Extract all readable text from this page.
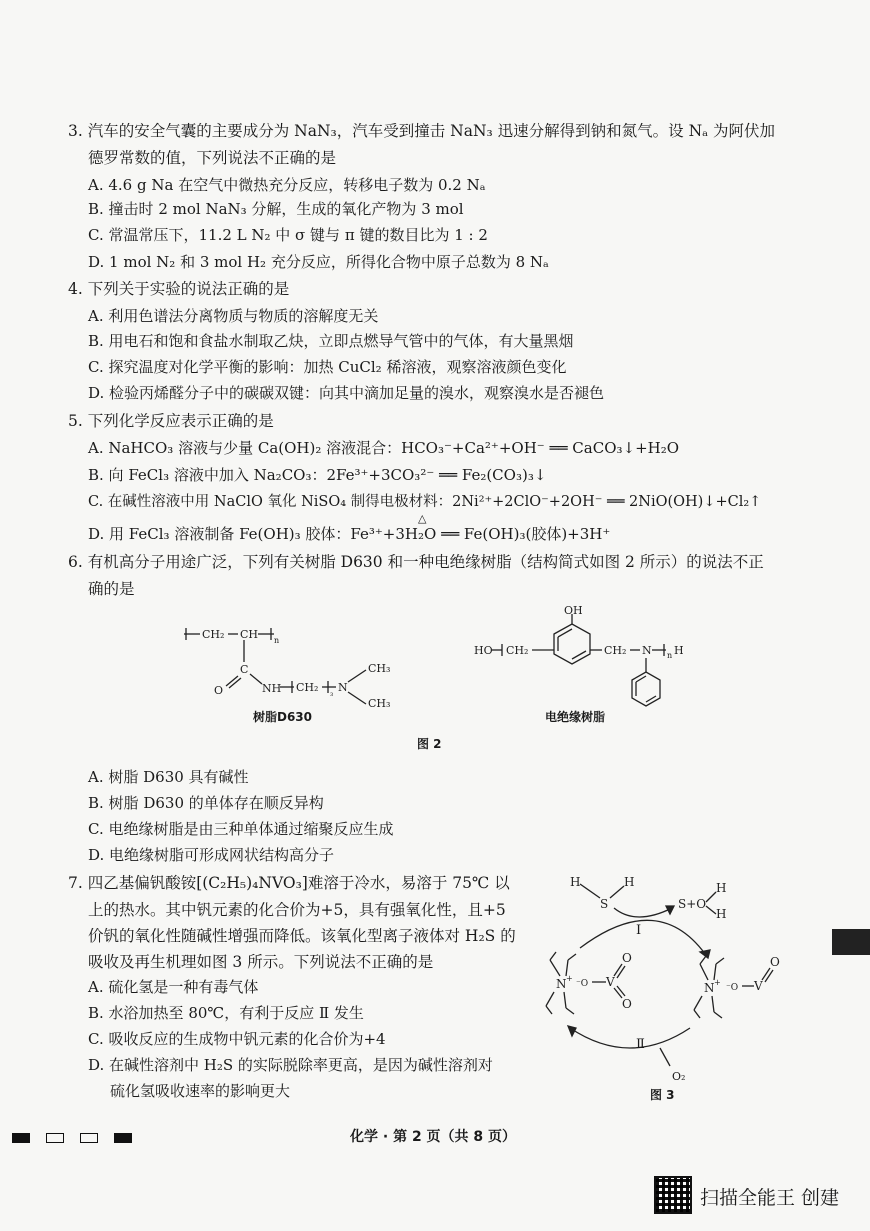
3. 汽车的安全气囊的主要成分为 NaN₃，汽车受到撞击 NaN₃ 迅速分解得到钠和氮气。设 Nₐ 为阿伏加
德罗常数的值，下列说法不正确的是
A. 4.6 g Na 在空气中微热充分反应，转移电子数为 0.2 Nₐ
B. 撞击时 2 mol NaN₃ 分解，生成的氧化产物为 3 mol
C. 常温常压下，11.2 L N₂ 中 σ 键与 π 键的数目比为 1 : 2
D. 1 mol N₂ 和 3 mol H₂ 充分反应，所得化合物中原子总数为 8 Nₐ
4. 下列关于实验的说法正确的是
A. 利用色谱法分离物质与物质的溶解度无关
B. 用电石和饱和食盐水制取乙炔，立即点燃导气管中的气体，有大量黑烟
C. 探究温度对化学平衡的影响：加热 CuCl₂ 稀溶液，观察溶液颜色变化
D. 检验丙烯醛分子中的碳碳双键：向其中滴加足量的溴水，观察溴水是否褪色
5. 下列化学反应表示正确的是
A. NaHCO₃ 溶液与少量 Ca(OH)₂ 溶液混合：HCO₃⁻+Ca²⁺+OH⁻ ══ CaCO₃↓+H₂O
B. 向 FeCl₃ 溶液中加入 Na₂CO₃：2Fe³⁺+3CO₃²⁻ ══ Fe₂(CO₃)₃↓
C. 在碱性溶液中用 NaClO 氧化 NiSO₄ 制得电极材料：2Ni²⁺+2ClO⁻+2OH⁻ ══ 2NiO(OH)↓+Cl₂↑
D. 用 FeCl₃ 溶液制备 Fe(OH)₃ 胶体：Fe³⁺+3H₂O ══ Fe(OH)₃(胶体)+3H⁺
△
6. 有机高分子用途广泛，下列有关树脂 D630 和一种电绝缘树脂（结构简式如图 2 所示）的说法不正
确的是
CH₂ CH n
C
O	NH CH₂ ₃ N
CH₃
CH₃
HO CH₂
OH
CH₂ N n H
树脂D630	电绝缘树脂
图 2
A. 树脂 D630 具有碱性
B. 树脂 D630 的单体存在顺反异构
C. 电绝缘树脂是由三种单体通过缩聚反应生成
D. 电绝缘树脂可形成网状结构高分子
7. 四乙基偏钒酸铵[(C₂H₅)₄NVO₃]难溶于冷水，易溶于 75℃ 以
上的热水。其中钒元素的化合价为+5，具有强氧化性，且+5
价钒的氧化性随碱性增强而降低。该氧化型离子液体对 H₂S 的
吸收及再生机理如图 3 所示。下列说法不正确的是
A. 硫化氢是一种有毒气体
B. 水浴加热至 80℃，有利于反应 Ⅱ 发生
C. 吸收反应的生成物中钒元素的化合价为+4
D. 在碱性溶剂中 H₂S 的实际脱除率更高，是因为碱性溶剂对
硫化氢吸收速率的影响更大
H
S
H
S+O
H
H
N +
⁻O V
O
O
N +
⁻O V
O
Ⅰ
Ⅱ
O₂
图 3
化学 · 第 2 页（共 8 页）
扫描全能王 创建
